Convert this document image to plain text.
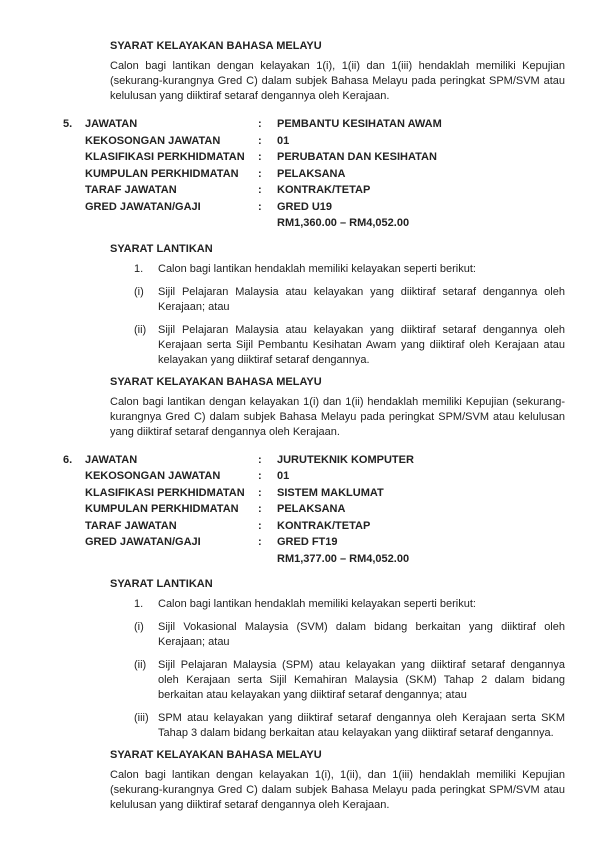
SYARAT KELAYAKAN BAHASA MELAYU

Calon bagi lantikan dengan kelayakan 1(i), 1(ii) dan 1(iii) hendaklah memiliki Kepujian (sekurang-kurangnya Gred C) dalam subjek Bahasa Melayu pada peringkat SPM/SVM atau kelulusan yang diiktiraf setaraf dengannya oleh Kerajaan.

5.	JAWATAN	:	PEMBANTU KESIHATAN AWAM
KEKOSONGAN JAWATAN	:	01
KLASIFIKASI PERKHIDMATAN	:	PERUBATAN DAN KESIHATAN
KUMPULAN PERKHIDMATAN	:	PELAKSANA
TARAF JAWATAN	:	KONTRAK/TETAP
GRED JAWATAN/GAJI	:	GRED U19
RM1,360.00 – RM4,052.00
SYARAT LANTIKAN
1.	Calon bagi lantikan hendaklah memiliki kelayakan seperti berikut:
(i)	Sijil Pelajaran Malaysia atau kelayakan yang diiktiraf setaraf dengannya oleh Kerajaan; atau
(ii)	Sijil Pelajaran Malaysia atau kelayakan yang diiktiraf setaraf dengannya oleh Kerajaan serta Sijil Pembantu Kesihatan Awam yang diiktiraf oleh Kerajaan atau kelayakan yang diiktiraf setaraf dengannya.
SYARAT KELAYAKAN BAHASA MELAYU

Calon bagi lantikan dengan kelayakan 1(i) dan 1(ii) hendaklah memiliki Kepujian (sekurang-kurangnya Gred C) dalam subjek Bahasa Melayu pada peringkat SPM/SVM atau kelulusan yang diiktiraf setaraf dengannya oleh Kerajaan.

6.	JAWATAN	:	JURUTEKNIK KOMPUTER
KEKOSONGAN JAWATAN	:	01
KLASIFIKASI PERKHIDMATAN	:	SISTEM MAKLUMAT
KUMPULAN PERKHIDMATAN	:	PELAKSANA
TARAF JAWATAN	:	KONTRAK/TETAP
GRED JAWATAN/GAJI	:	GRED FT19
RM1,377.00 – RM4,052.00
SYARAT LANTIKAN
1.	Calon bagi lantikan hendaklah memiliki kelayakan seperti berikut:
(i)	Sijil Vokasional Malaysia (SVM) dalam bidang berkaitan yang diiktiraf oleh Kerajaan; atau
(ii)	Sijil Pelajaran Malaysia (SPM) atau kelayakan yang diiktiraf setaraf dengannya oleh Kerajaan serta Sijil Kemahiran Malaysia (SKM) Tahap 2 dalam bidang berkaitan atau kelayakan yang diiktiraf setaraf dengannya; atau
(iii) SPM atau kelayakan yang diiktiraf setaraf dengannya oleh Kerajaan serta SKM Tahap 3 dalam bidang berkaitan atau kelayakan yang diiktiraf setaraf dengannya.
SYARAT KELAYAKAN BAHASA MELAYU

Calon bagi lantikan dengan kelayakan 1(i), 1(ii), dan 1(iii) hendaklah memiliki Kepujian (sekurang-kurangnya Gred C) dalam subjek Bahasa Melayu pada peringkat SPM/SVM atau kelulusan yang diiktiraf setaraf dengannya oleh Kerajaan.
